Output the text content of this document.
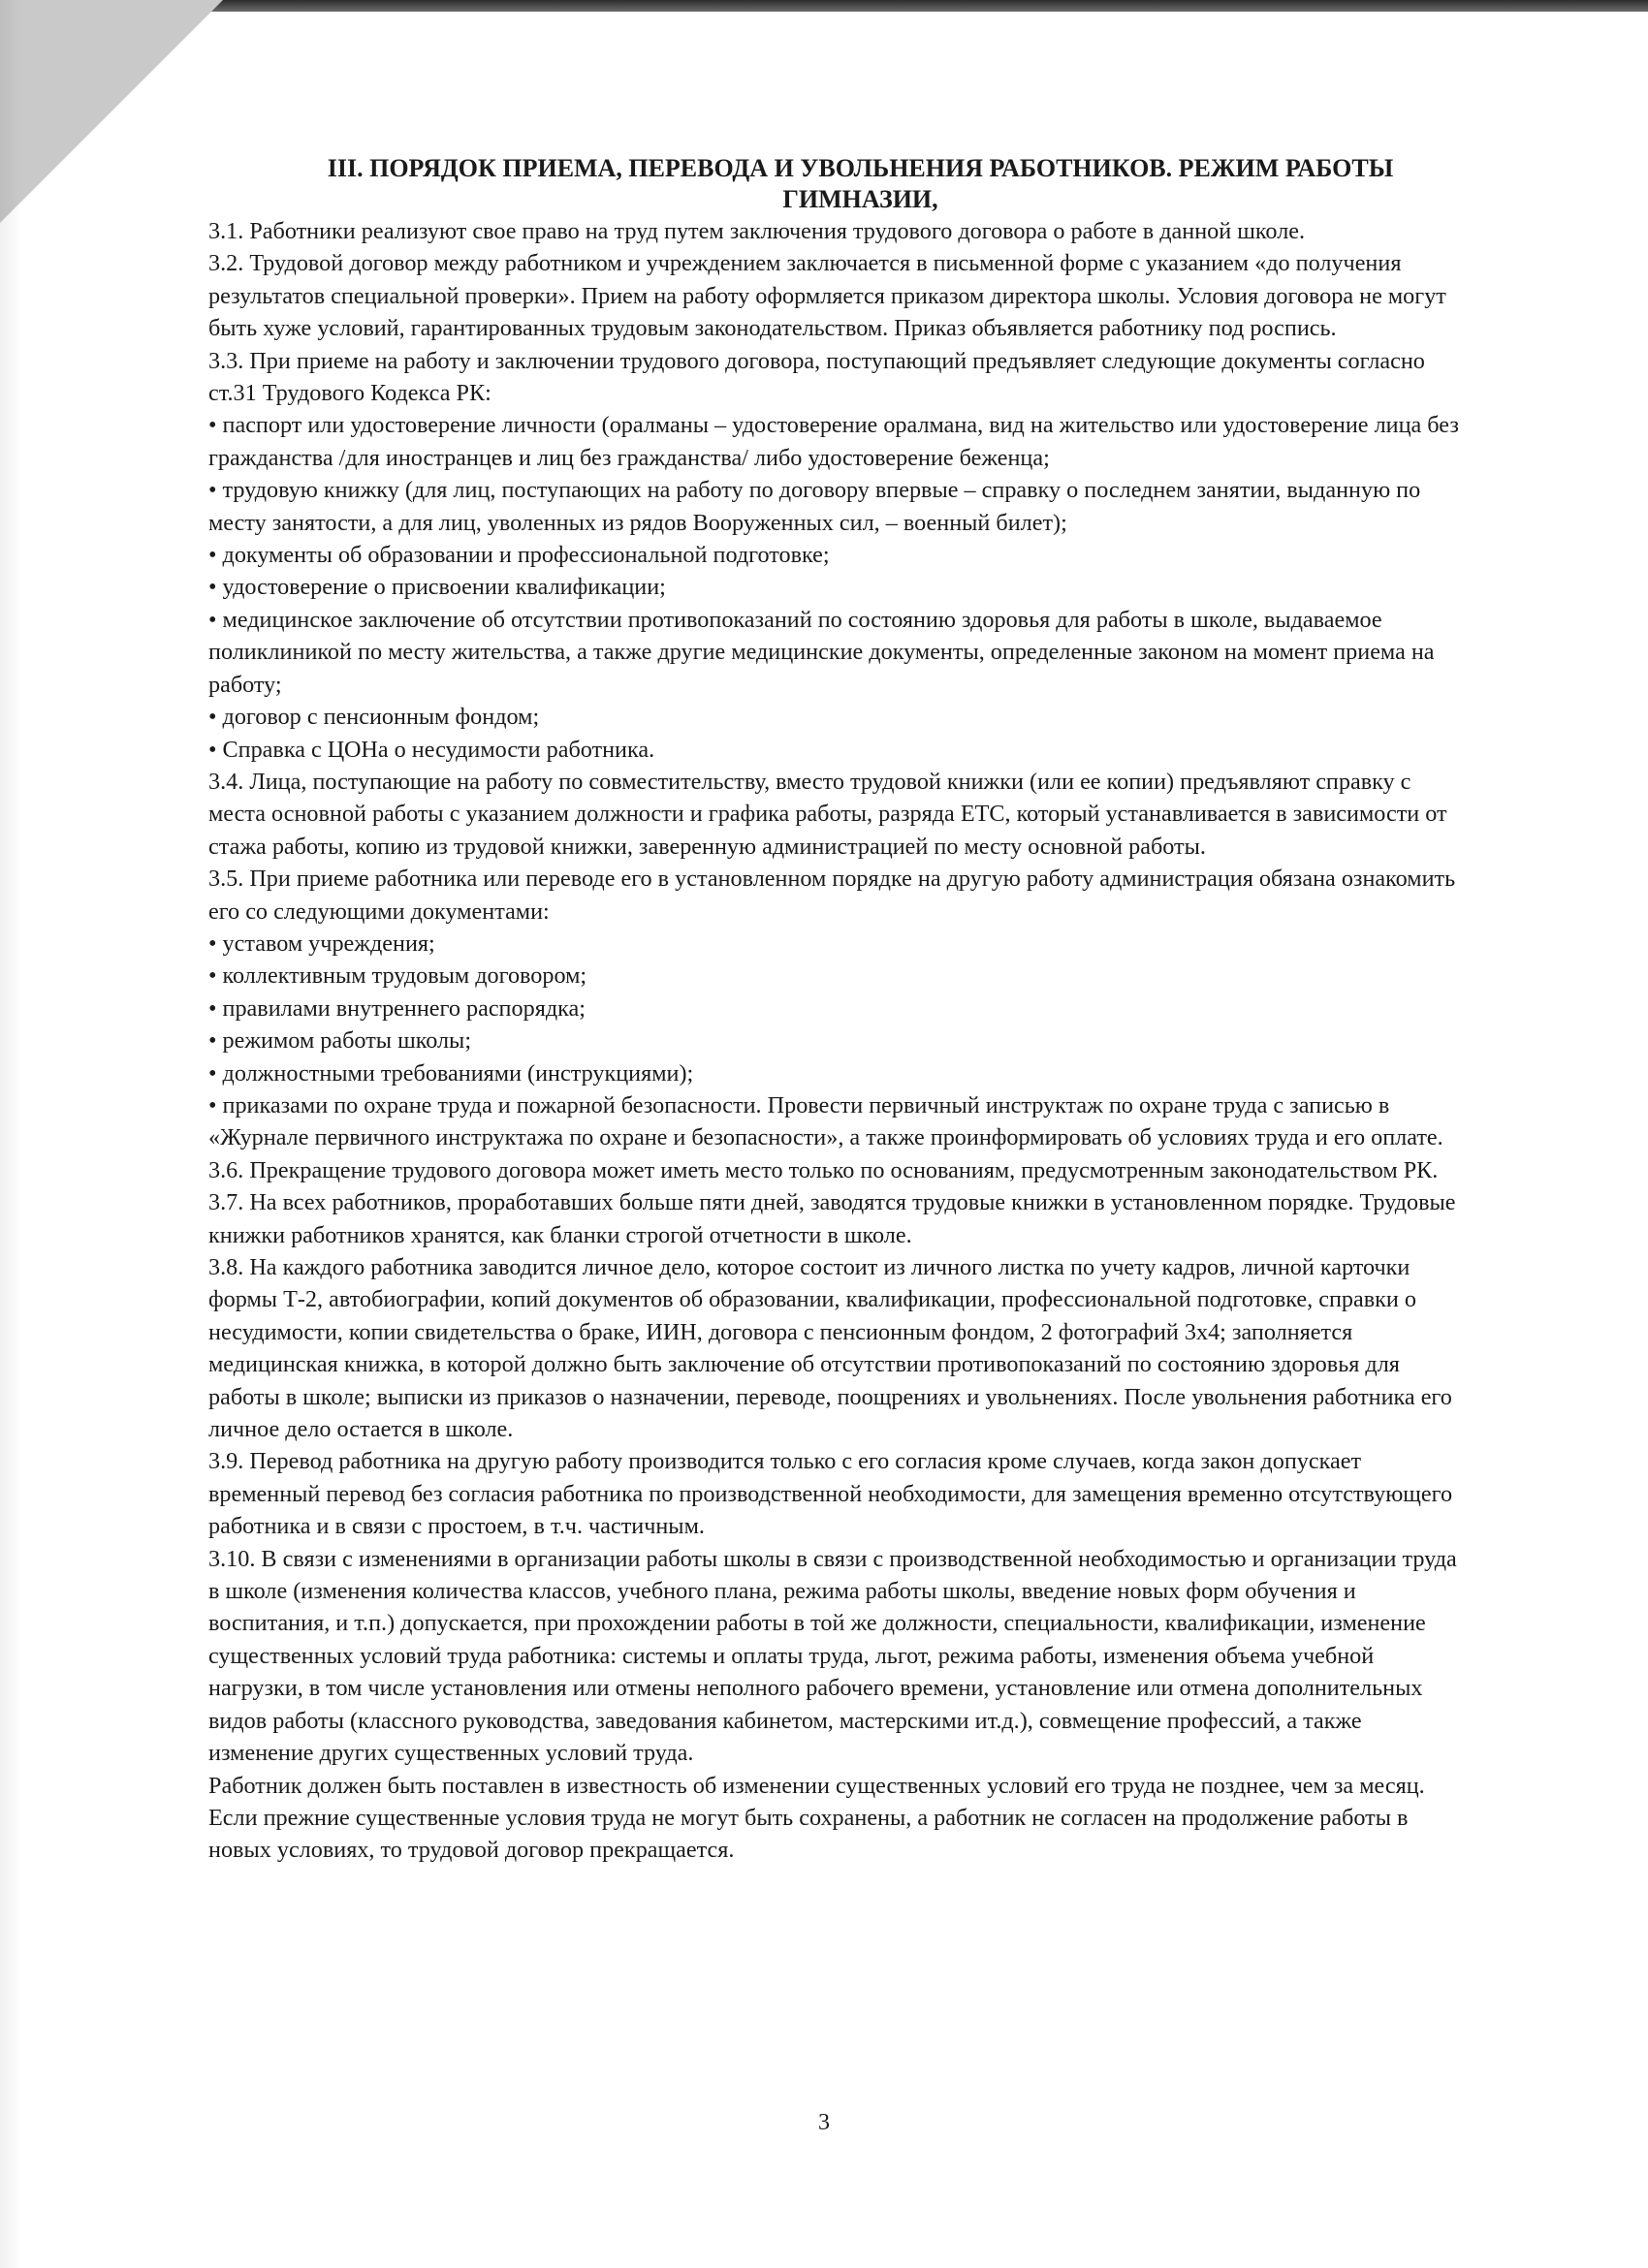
III. ПОРЯДОК ПРИЕМА, ПЕРЕВОДА И УВОЛЬНЕНИЯ РАБОТНИКОВ. РЕЖИМ РАБОТЫ ГИМНАЗИИ,

3.1. Работники реализуют свое право на труд путем заключения трудового договора о работе в данной школе.

3.2. Трудовой договор между работником и учреждением заключается в письменной форме с указанием «до получения результатов специальной проверки». Прием на работу оформляется приказом директора школы. Условия договора не могут быть хуже условий, гарантированных трудовым законодательством. Приказ объявляется работнику под роспись.

3.3. При приеме на работу и заключении трудового договора, поступающий предъявляет следующие документы согласно ст.31 Трудового Кодекса РК:

• паспорт или удостоверение личности (оралманы – удостоверение оралмана, вид на жительство или удостоверение лица без гражданства /для иностранцев и лиц без гражданства/ либо удостоверение беженца;

• трудовую книжку (для лиц, поступающих на работу по договору впервые – справку о последнем занятии, выданную по месту занятости, а для лиц, уволенных из рядов Вооруженных сил, – военный билет);

• документы об образовании и профессиональной подготовке;

• удостоверение о присвоении квалификации;

• медицинское заключение об отсутствии противопоказаний по состоянию здоровья для работы в школе, выдаваемое поликлиникой по месту жительства, а также другие медицинские документы, определенные законом на момент приема на работу;

• договор с пенсионным фондом;

• Справка с ЦОНа о несудимости работника.

3.4. Лица, поступающие на работу по совместительству, вместо трудовой книжки (или ее копии) предъявляют справку с места основной работы с указанием должности и графика работы, разряда ЕТС, который устанавливается в зависимости от стажа работы, копию из трудовой книжки, заверенную администрацией по месту основной работы.

3.5. При приеме работника или переводе его в установленном порядке на другую работу администрация обязана ознакомить его со следующими документами:

• уставом учреждения;

• коллективным трудовым договором;

• правилами внутреннего распорядка;

• режимом работы школы;

• должностными требованиями (инструкциями);

• приказами по охране труда и пожарной безопасности. Провести первичный инструктаж по охране труда с записью в «Журнале первичного инструктажа по охране и безопасности», а также проинформировать об условиях труда и его оплате.

3.6. Прекращение трудового договора может иметь место только по основаниям, предусмотренным законодательством РК.

3.7. На всех работников, проработавших больше пяти дней, заводятся трудовые книжки в установленном порядке. Трудовые книжки работников хранятся, как бланки строгой отчетности в школе.

3.8. На каждого работника заводится личное дело, которое состоит из личного листка по учету кадров, личной карточки формы Т-2, автобиографии, копий документов об образовании, квалификации, профессиональной подготовке, справки о несудимости, копии свидетельства о браке, ИИН, договора с пенсионным фондом, 2 фотографий 3х4; заполняется медицинская книжка, в которой должно быть заключение об отсутствии противопоказаний по состоянию здоровья для работы в школе; выписки из приказов о назначении, переводе, поощрениях и увольнениях. После увольнения работника его личное дело остается в школе.

3.9. Перевод работника на другую работу производится только с его согласия кроме случаев, когда закон допускает временный перевод без согласия работника по производственной необходимости, для замещения временно отсутствующего работника и в связи с простоем, в т.ч. частичным.

3.10. В связи с изменениями в организации работы школы в связи с производственной необходимостью и организации труда в школе (изменения количества классов, учебного плана, режима работы школы, введение новых форм обучения и воспитания, и т.п.) допускается, при прохождении работы в той же должности, специальности, квалификации, изменение существенных условий труда работника: системы и оплаты труда, льгот, режима работы, изменения объема учебной нагрузки, в том числе установления или отмены неполного рабочего времени, установление или отмена дополнительных видов работы (классного руководства, заведования кабинетом, мастерскими ит.д.), совмещение профессий, а также изменение других существенных условий труда.

Работник должен быть поставлен в известность об изменении существенных условий его труда не позднее, чем за месяц. Если прежние существенные условия труда не могут быть сохранены, а работник не согласен на продолжение работы в новых условиях, то трудовой договор прекращается.

3
